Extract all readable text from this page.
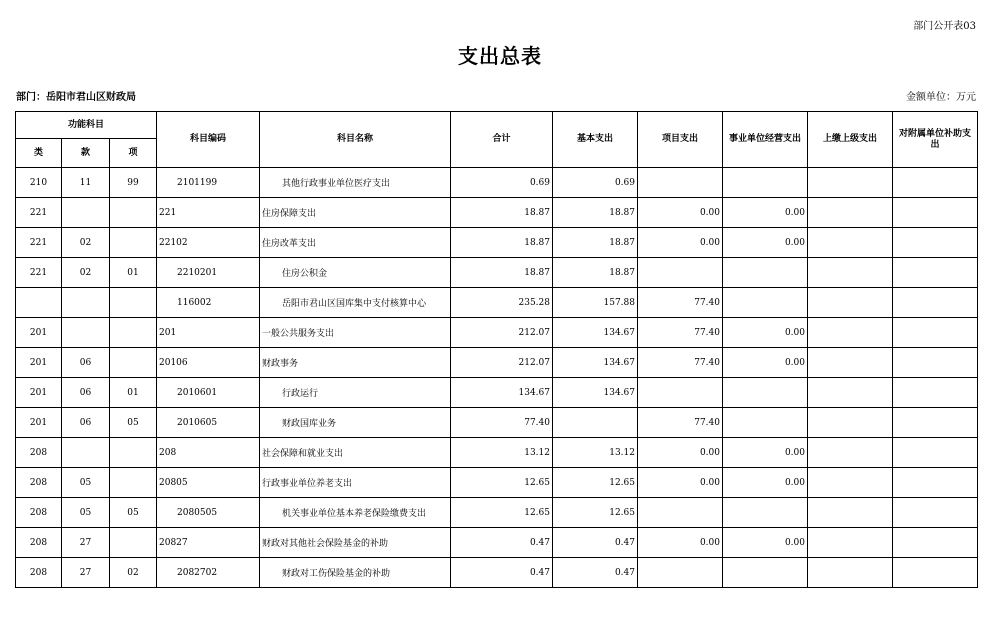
部门公开表03
支出总表
部门：岳阳市君山区财政局	金额单位：万元
功能科目			科目编码	科目名称	合计	基本支出	项目支出	事业单位经营支出	上缴上级支出	对附属单位补助支出
类	款	项								
210	11	99	2101199	其他行政事业单位医疗支出	0.69	0.69				
221			221	住房保障支出	18.87	18.87	0.00	0.00		
221	02		22102	住房改革支出	18.87	18.87	0.00	0.00		
221	02	01	2210201	住房公积金	18.87	18.87				
			116002	岳阳市君山区国库集中支付核算中心	235.28	157.88	77.40			
201			201	一般公共服务支出	212.07	134.67	77.40	0.00		
201	06		20106	财政事务	212.07	134.67	77.40	0.00		
201	06	01	2010601	行政运行	134.67	134.67				
201	06	05	2010605	财政国库业务	77.40		77.40			
208			208	社会保障和就业支出	13.12	13.12	0.00	0.00		
208	05		20805	行政事业单位养老支出	12.65	12.65	0.00	0.00		
208	05	05	2080505	机关事业单位基本养老保险缴费支出	12.65	12.65				
208	27		20827	财政对其他社会保险基金的补助	0.47	0.47	0.00	0.00		
208	27	02	2082702	财政对工伤保险基金的补助	0.47	0.47				
